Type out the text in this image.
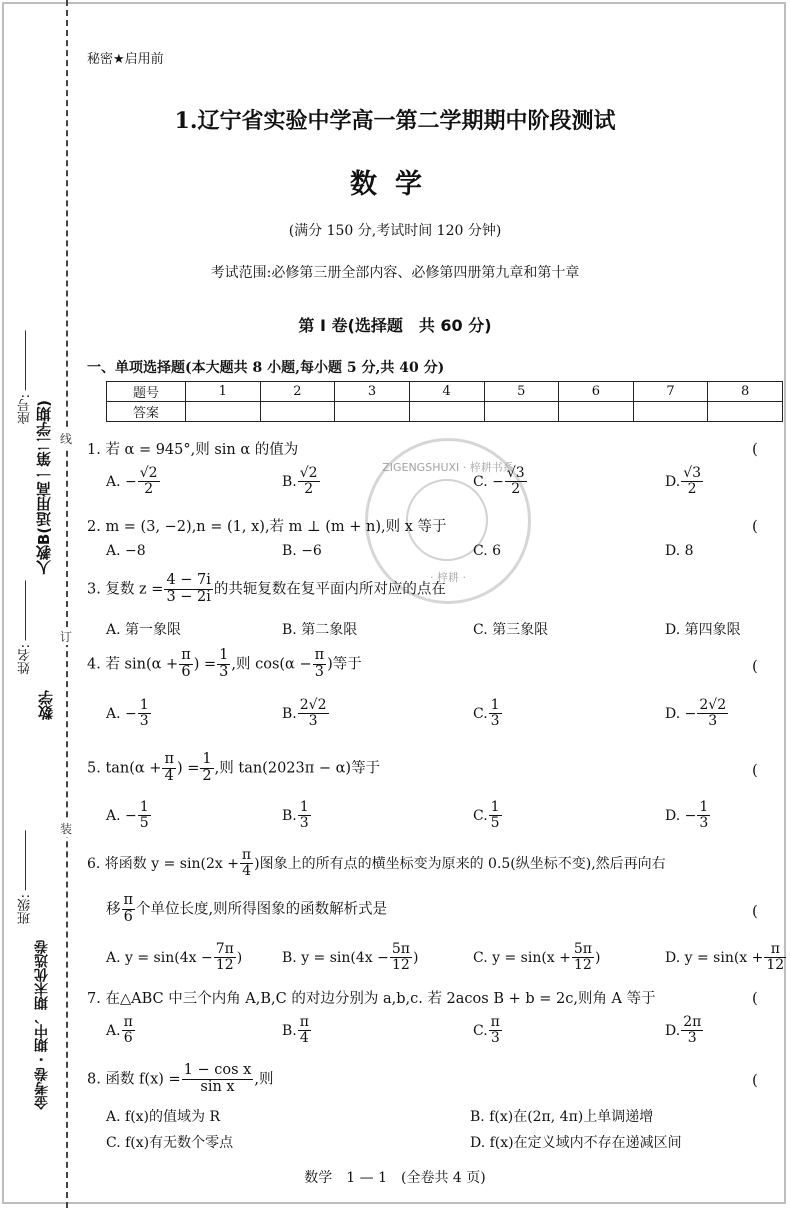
线
订
装
座号:
姓名:
班级:
人教B(适用高一第二学期)
数学
金考卷 · 期中、期末优选卷
秘密★启用前
1.辽宁省实验中学高一第二学期期中阶段测试
数学
(满分 150 分,考试时间 120 分钟)
考试范围:必修第三册全部内容、必修第四册第九章和第十章
第 I 卷(选择题　共 60 分)
一、单项选择题(本大题共 8 小题,每小题 5 分,共 40 分)
题号	1	2	3	4	5	6	7	8
答案								
ZIGENGSHUXI · 梓耕书系
· 梓耕 ·
1. 若 α = 945°,则 sin α 的值为	(
A. − $\frac{√2}{2}$	B. $\frac{√2}{2}$	C. − $\frac{√3}{2}$	D. $\frac{√3}{2}$
2. m = (3, −2),n = (1, x),若 m ⊥ (m + n),则 x 等于	(
A. −8	B. −6	C. 6	D. 8
3. 复数 $z = \frac{4 - 7i}{3 - 2i}$ 的共轭复数在复平面内所对应的点在
A. 第一象限	B. 第二象限	C. 第三象限	D. 第四象限
4. 若 $\sin(\alpha + \frac{\pi}{6}$ ) = $\frac{1}{3}$ ,则 $\cos(\alpha - \frac{\pi}{3}$ )等于	(
A. − $\frac{1}{3}$	B. $\frac{2√2}{3}$	C. $\frac{1}{3}$	D. − $\frac{2√2}{3}$
5. $\tan(\alpha + \frac{\pi}{4}$ ) = $\frac{1}{2}$ ,则 tan(2023π − α)等于	(
A. − $\frac{1}{5}$	B. $\frac{1}{3}$	C. $\frac{1}{5}$	D. − $\frac{1}{3}$
6. 将函数 $y = \sin(2x + \frac{\pi}{4}$ )图象上的所有点的横坐标变为原来的 0.5(纵坐标不变),然后再向右
移 $\frac{\pi}{6}$ 个单位长度,则所得图象的函数解析式是	(
A. $y = \sin(4x - \frac{7\pi}{12}$ )	B. $y = \sin(4x - \frac{5\pi}{12}$ )	C. $y = \sin(x + \frac{5\pi}{12}$ )	D. $y = \sin(x + \frac{\pi}{12}$
7. 在△ABC 中三个内角 A,B,C 的对边分别为 a,b,c. 若 2acos B + b = 2c,则角 A 等于	(
A. $\frac{\pi}{6}$	B. $\frac{\pi}{4}$	C. $\frac{\pi}{3}$	D. $\frac{2\pi}{3}$
8. 函数 $f(x) = \frac{\text{1 − cos x}}{\text{sin x}}$ ,则	(
A. f(x)的值域为 R	B. f(x)在(2π, 4π)上单调递增
C. f(x)有无数个零点	D. f(x)在定义域内不存在递减区间
数学　1 — 1　(全卷共 4 页)
